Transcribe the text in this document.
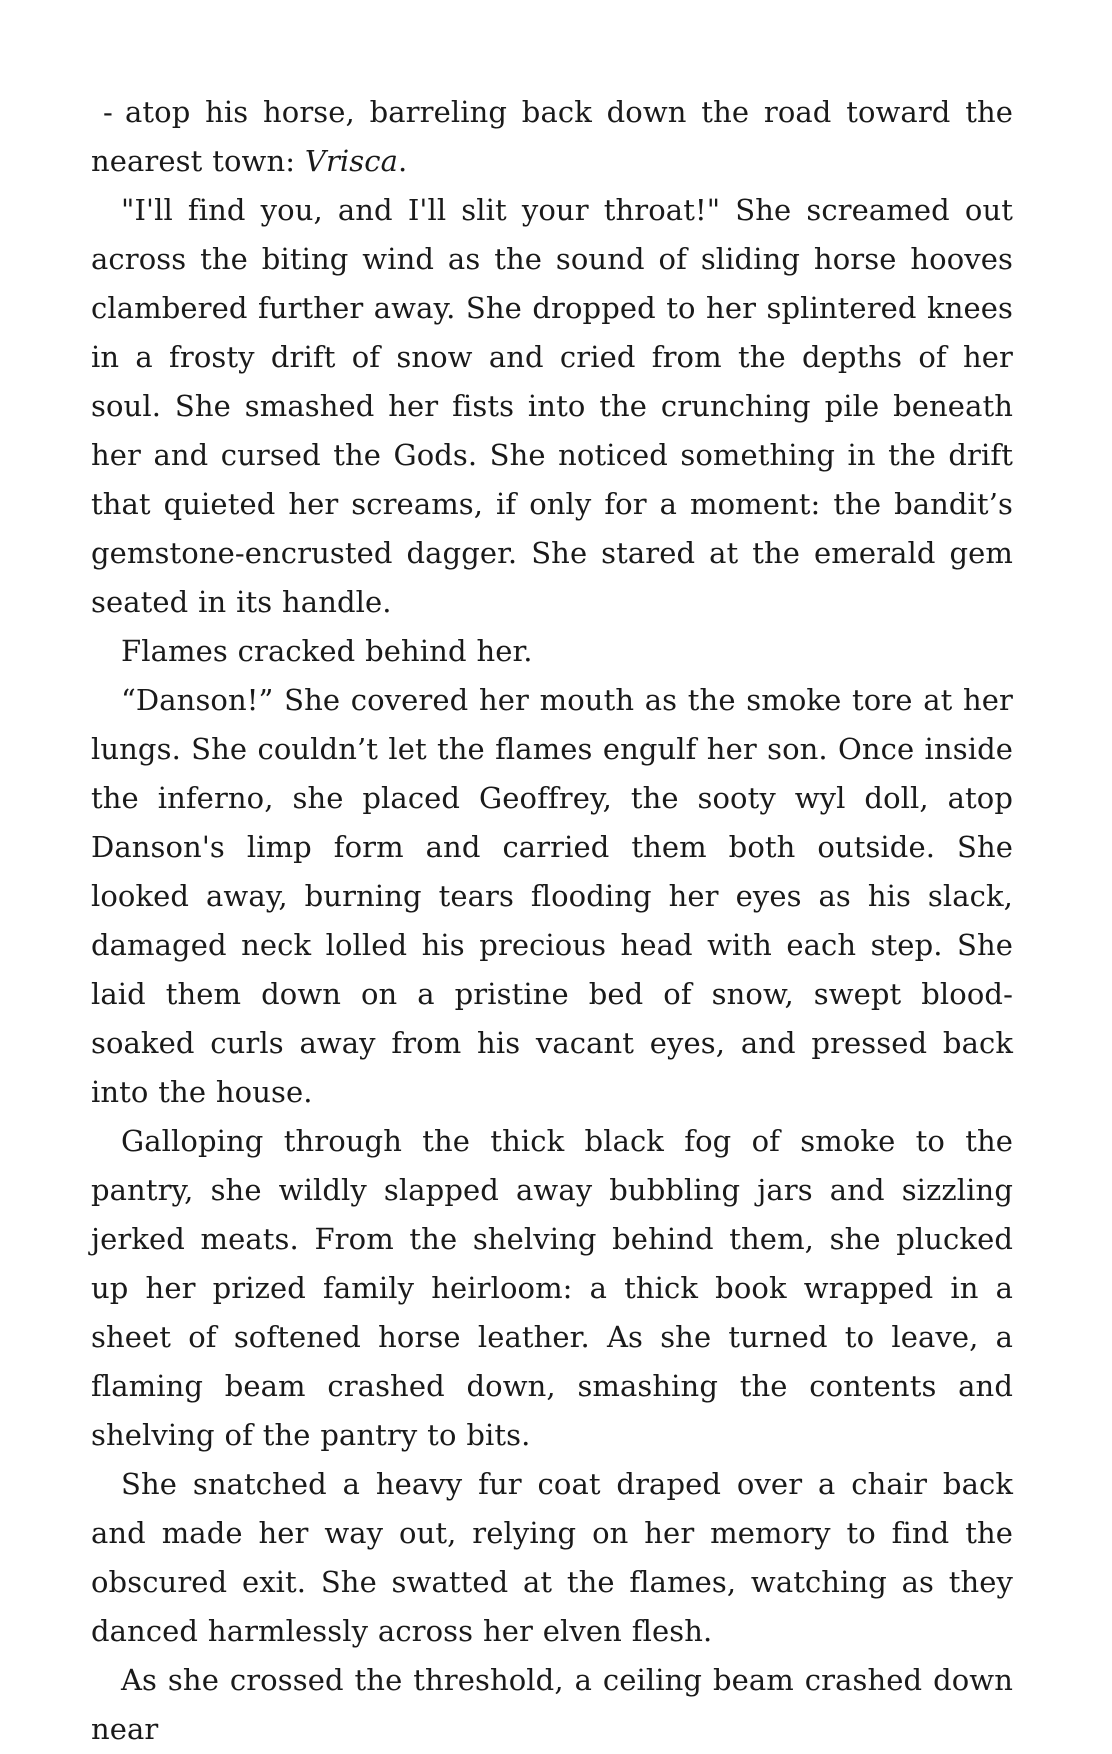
- atop his horse, barreling back down the road toward the nearest town: Vrisca.

"I'll find you, and I'll slit your throat!" She screamed out across the biting wind as the sound of sliding horse hooves clambered further away. She dropped to her splintered knees in a frosty drift of snow and cried from the depths of her soul. She smashed her fists into the crunching pile beneath her and cursed the Gods. She noticed something in the drift that quieted her screams, if only for a moment: the bandit’s gemstone-encrusted dagger. She stared at the emerald gem seated in its handle.

Flames cracked behind her.

“Danson!” She covered her mouth as the smoke tore at her lungs. She couldn’t let the flames engulf her son. Once inside the inferno, she placed Geoffrey, the sooty wyl doll, atop Danson's limp form and carried them both outside. She looked away, burning tears flooding her eyes as his slack, damaged neck lolled his precious head with each step. She laid them down on a pristine bed of snow, swept blood-soaked curls away from his vacant eyes, and pressed back into the house.

Galloping through the thick black fog of smoke to the pantry, she wildly slapped away bubbling jars and sizzling jerked meats. From the shelving behind them, she plucked up her prized family heirloom: a thick book wrapped in a sheet of softened horse leather. As she turned to leave, a flaming beam crashed down, smashing the contents and shelving of the pantry to bits.

She snatched a heavy fur coat draped over a chair back and made her way out, relying on her memory to find the obscured exit. She swatted at the flames, watching as they danced harmlessly across her elven flesh.

As she crossed the threshold, a ceiling beam crashed down near
